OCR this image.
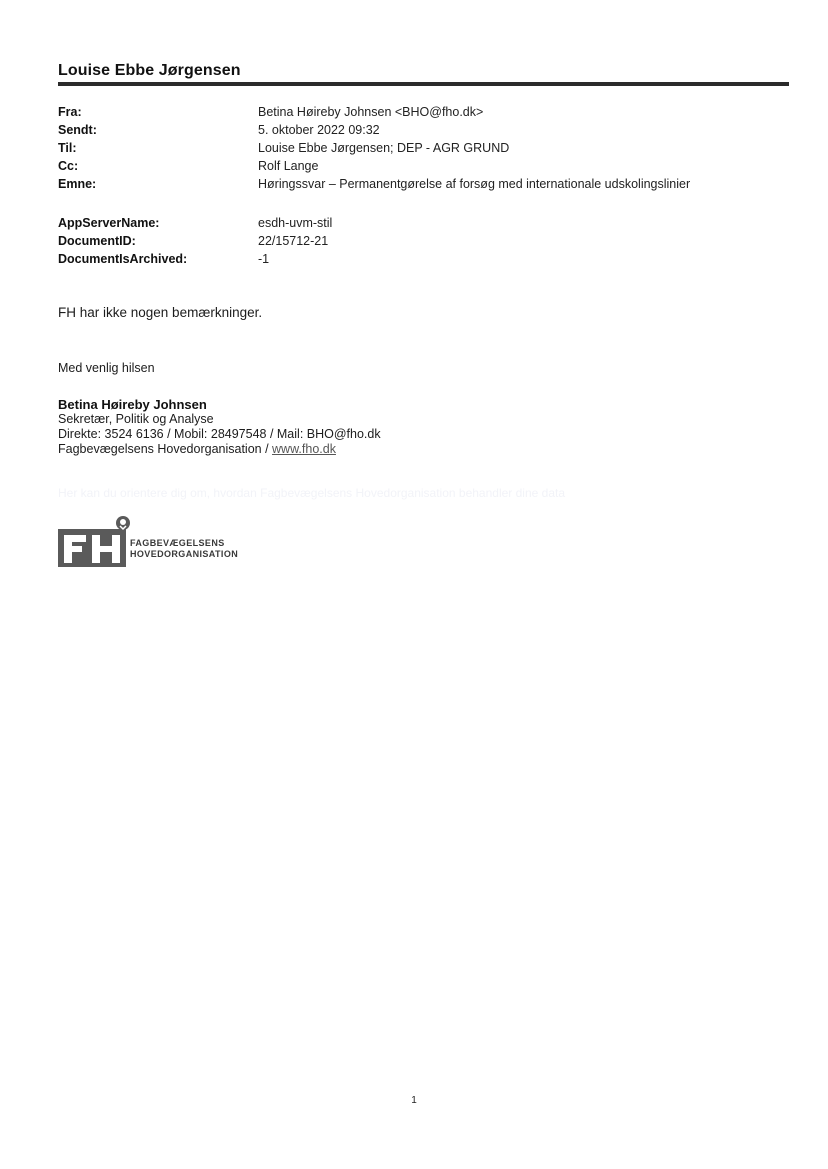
Louise Ebbe Jørgensen
Fra:	Betina Høireby Johnsen <BHO@fho.dk>
Sendt:	5. oktober 2022 09:32
Til:	Louise Ebbe Jørgensen; DEP - AGR GRUND
Cc:	Rolf Lange
Emne:	Høringssvar – Permanentgørelse af forsøg med internationale udskolingslinier
AppServerName:	esdh-uvm-stil
DocumentID:	22/15712-21
DocumentIsArchived:	-1
FH har ikke nogen bemærkninger.
Med venlig hilsen
Betina Høireby Johnsen
Sekretær, Politik og Analyse
Direkte: 3524 6136 / Mobil: 28497548 / Mail: BHO@fho.dk
Fagbevægelsens Hovedorganisation / www.fho.dk
Her kan du orientere dig om, hvordan Fagbevægelsens Hovedorganisation behandler dine data
FAGBEVÆGELSENS
HOVEDORGANISATION
1
